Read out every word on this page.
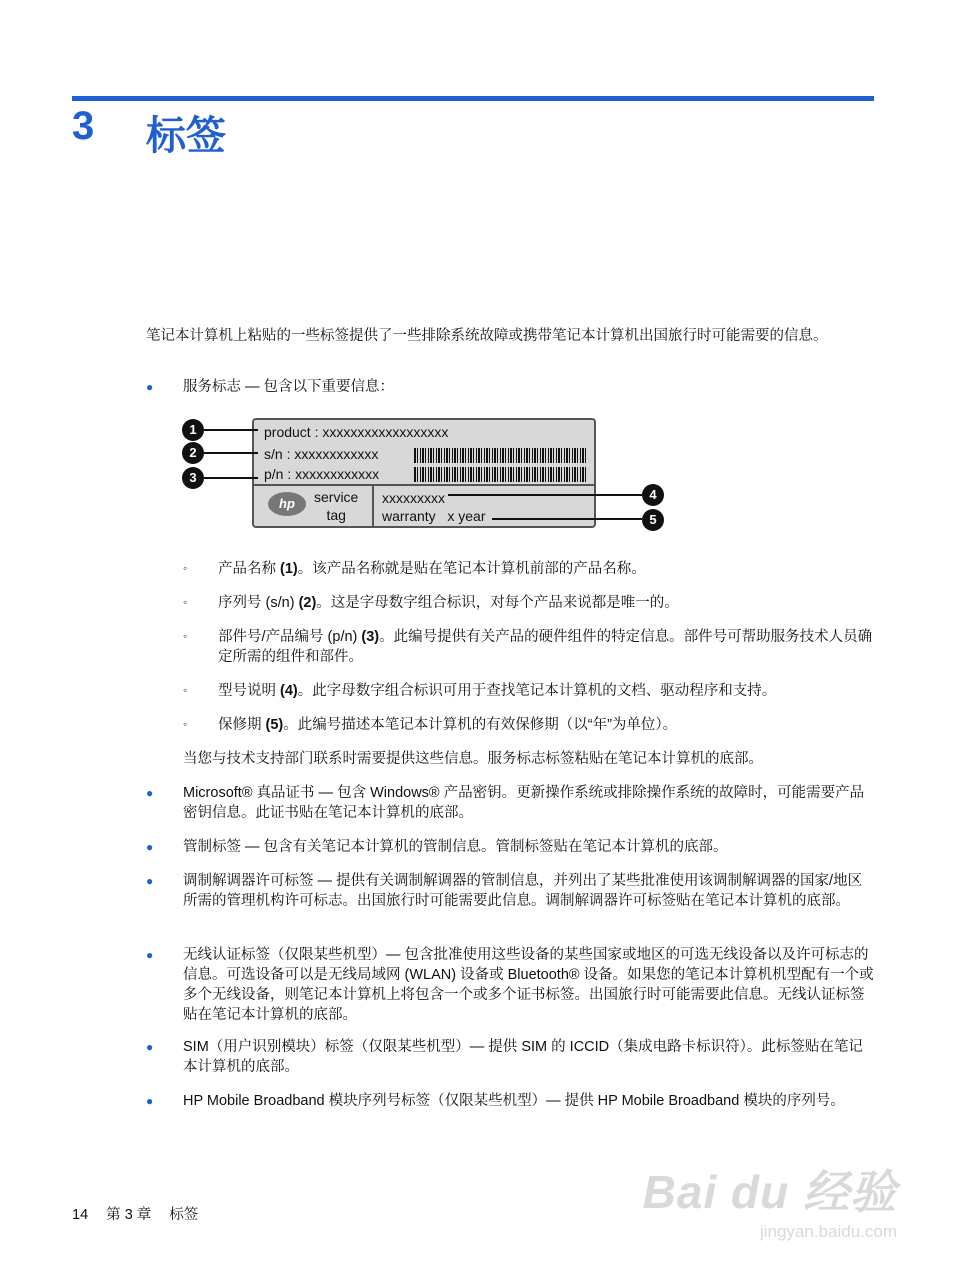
3 标签
笔记本计算机上粘贴的一些标签提供了一些排除系统故障或携带笔记本计算机出国旅行时可能需要的信息。
● 服务标志 — 包含以下重要信息：
product : xxxxxxxxxxxxxxxxxx
s/n : xxxxxxxxxxxx
p/n : xxxxxxxxxxxx
hp	service
tag
xxxxxxxxx
warranty   x year
1
2
3
4
5
◦ 产品名称 (1)。该产品名称就是贴在笔记本计算机前部的产品名称。
◦ 序列号 (s/n) (2)。这是字母数字组合标识，对每个产品来说都是唯一的。
◦ 部件号/产品编号 (p/n) (3)。此编号提供有关产品的硬件组件的特定信息。部件号可帮助服务技术人员确定所需的组件和部件。
◦ 型号说明 (4)。此字母数字组合标识可用于查找笔记本计算机的文档、驱动程序和支持。
◦ 保修期 (5)。此编号描述本笔记本计算机的有效保修期（以“年”为单位）。
当您与技术支持部门联系时需要提供这些信息。服务标志标签粘贴在笔记本计算机的底部。
● Microsoft® 真品证书 — 包含 Windows® 产品密钥。更新操作系统或排除操作系统的故障时，可能需要产品密钥信息。此证书贴在笔记本计算机的底部。
● 管制标签 — 包含有关笔记本计算机的管制信息。管制标签贴在笔记本计算机的底部。
● 调制解调器许可标签 — 提供有关调制解调器的管制信息，并列出了某些批准使用该调制解调器的国家/地区所需的管理机构许可标志。出国旅行时可能需要此信息。调制解调器许可标签贴在笔记本计算机的底部。
● 无线认证标签（仅限某些机型）— 包含批准使用这些设备的某些国家或地区的可选无线设备以及许可标志的信息。可选设备可以是无线局域网 (WLAN) 设备或 Bluetooth® 设备。如果您的笔记本计算机机型配有一个或多个无线设备，则笔记本计算机上将包含一个或多个证书标签。出国旅行时可能需要此信息。无线认证标签贴在笔记本计算机的底部。
● SIM（用户识别模块）标签（仅限某些机型）— 提供 SIM 的 ICCID（集成电路卡标识符）。此标签贴在笔记本计算机的底部。
● HP Mobile Broadband 模块序列号标签（仅限某些机型）— 提供 HP Mobile Broadband 模块的序列号。
14 第 3 章 标签	Bai du 经验
jingyan.baidu.com
